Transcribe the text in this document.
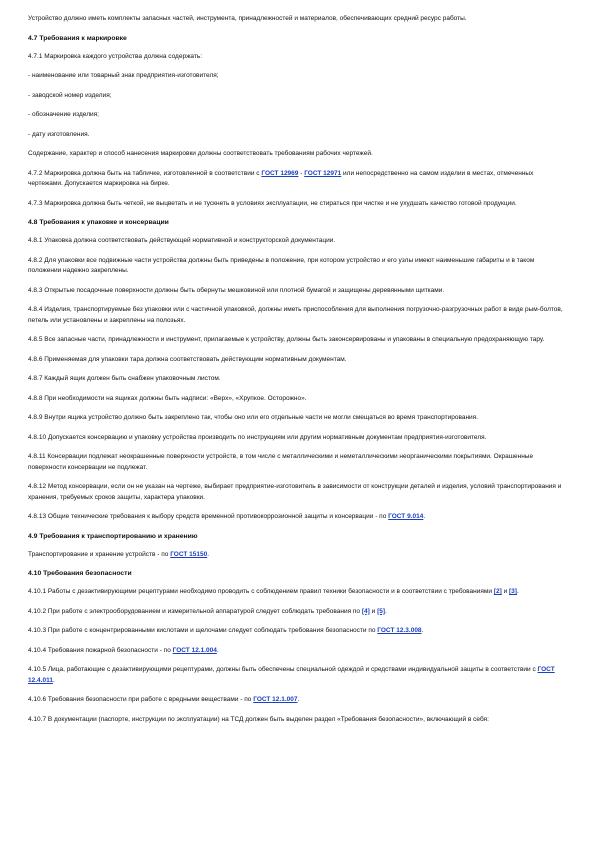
Устройство должно иметь комплекты запасных частей, инструмента, принадлежностей и материалов, обеспечивающих средний ресурс работы.
4.7 Требования к маркировке
4.7.1 Маркировка каждого устройства должна содержать:
- наименование или товарный знак предприятия-изготовителя;
- заводской номер изделия;
- обозначение изделия;
- дату изготовления.
Содержание, характер и способ нанесения маркировки должны соответствовать требованиям рабочих чертежей.
4.7.2 Маркировка должна быть на табличке, изготовленной в соответствии с ГОСТ 12969 - ГОСТ 12971 или непосредственно на самом изделии в местах, отмеченных чертежами. Допускается маркировка на бирке.
4.7.3 Маркировка должна быть четкой, не выцветать и не тускнеть в условиях эксплуатации, не стираться при чистке и не ухудшать качество готовой продукции.
4.8 Требования к упаковке и консервации
4.8.1 Упаковка должна соответствовать действующей нормативной и конструкторской документации.
4.8.2 Для упаковки все подвижные части устройства должны быть приведены в положение, при котором устройство и его узлы имеют наименьшие габариты и в таком положении надежно закреплены.
4.8.3 Открытые посадочные поверхности должны быть обернуты мешковиной или плотной бумагой и защищены деревянными щитками.
4.8.4 Изделия, транспортируемые без упаковки или с частичной упаковкой, должны иметь приспособления для выполнения погрузочно-разгрузочных работ в виде рым-болтов, петель или установлены и закреплены на полозьях.
4.8.5 Все запасные части, принадлежности и инструмент, прилагаемые к устройству, должны быть законсервированы и упакованы в специальную предохраняющую тару.
4.8.6 Применяемая для упаковки тара должна соответствовать действующим нормативным документам.
4.8.7 Каждый ящик должен быть снабжен упаковочным листом.
4.8.8 При необходимости на ящиках должны быть надписи: «Верх», «Хрупкое. Осторожно».
4.8.9 Внутри ящика устройство должно быть закреплено так, чтобы оно или его отдельные части не могли смещаться во время транспортирования.
4.8.10 Допускается консервацию и упаковку устройства производить по инструкциям или другим нормативным документам предприятия-изготовителя.
4.8.11 Консервации подлежат неокрашенные поверхности устройств, в том числе с металлическими и неметаллическими неорганическими покрытиями. Окрашенные поверхности консервации не подлежат.
4.8.12 Метод консервации, если он не указан на чертеже, выбирает предприятие-изготовитель в зависимости от конструкции деталей и изделия, условий транспортирования и хранения, требуемых сроков защиты, характера упаковки.
4.8.13 Общие технические требования к выбору средств временной противокоррозионной защиты и консервации - по ГОСТ 9.014.
4.9 Требования к транспортированию и хранению
Транспортирование и хранение устройств - по ГОСТ 15150.
4.10 Требования безопасности
4.10.1 Работы с дезактивирующими рецептурами необходимо проводить с соблюдением правил техники безопасности и в соответствии с требованиями [2] и [3].
4.10.2 При работе с электрооборудованием и измерительной аппаратурой следует соблюдать требования по [4] и [5].
4.10.3 При работе с концентрированными кислотами и щелочами следует соблюдать требования безопасности по ГОСТ 12.3.008.
4.10.4 Требования пожарной безопасности - по ГОСТ 12.1.004.
4.10.5 Лица, работающие с дезактивирующими рецептурами, должны быть обеспечены специальной одеждой и средствами индивидуальной защиты в соответствии с ГОСТ 12.4.011.
4.10.6 Требования безопасности при работе с вредными веществами - по ГОСТ 12.1.007.
4.10.7 В документации (паспорте, инструкции по эксплуатации) на ТСД должен быть выделен раздел «Требования безопасности», включающий в себя:
